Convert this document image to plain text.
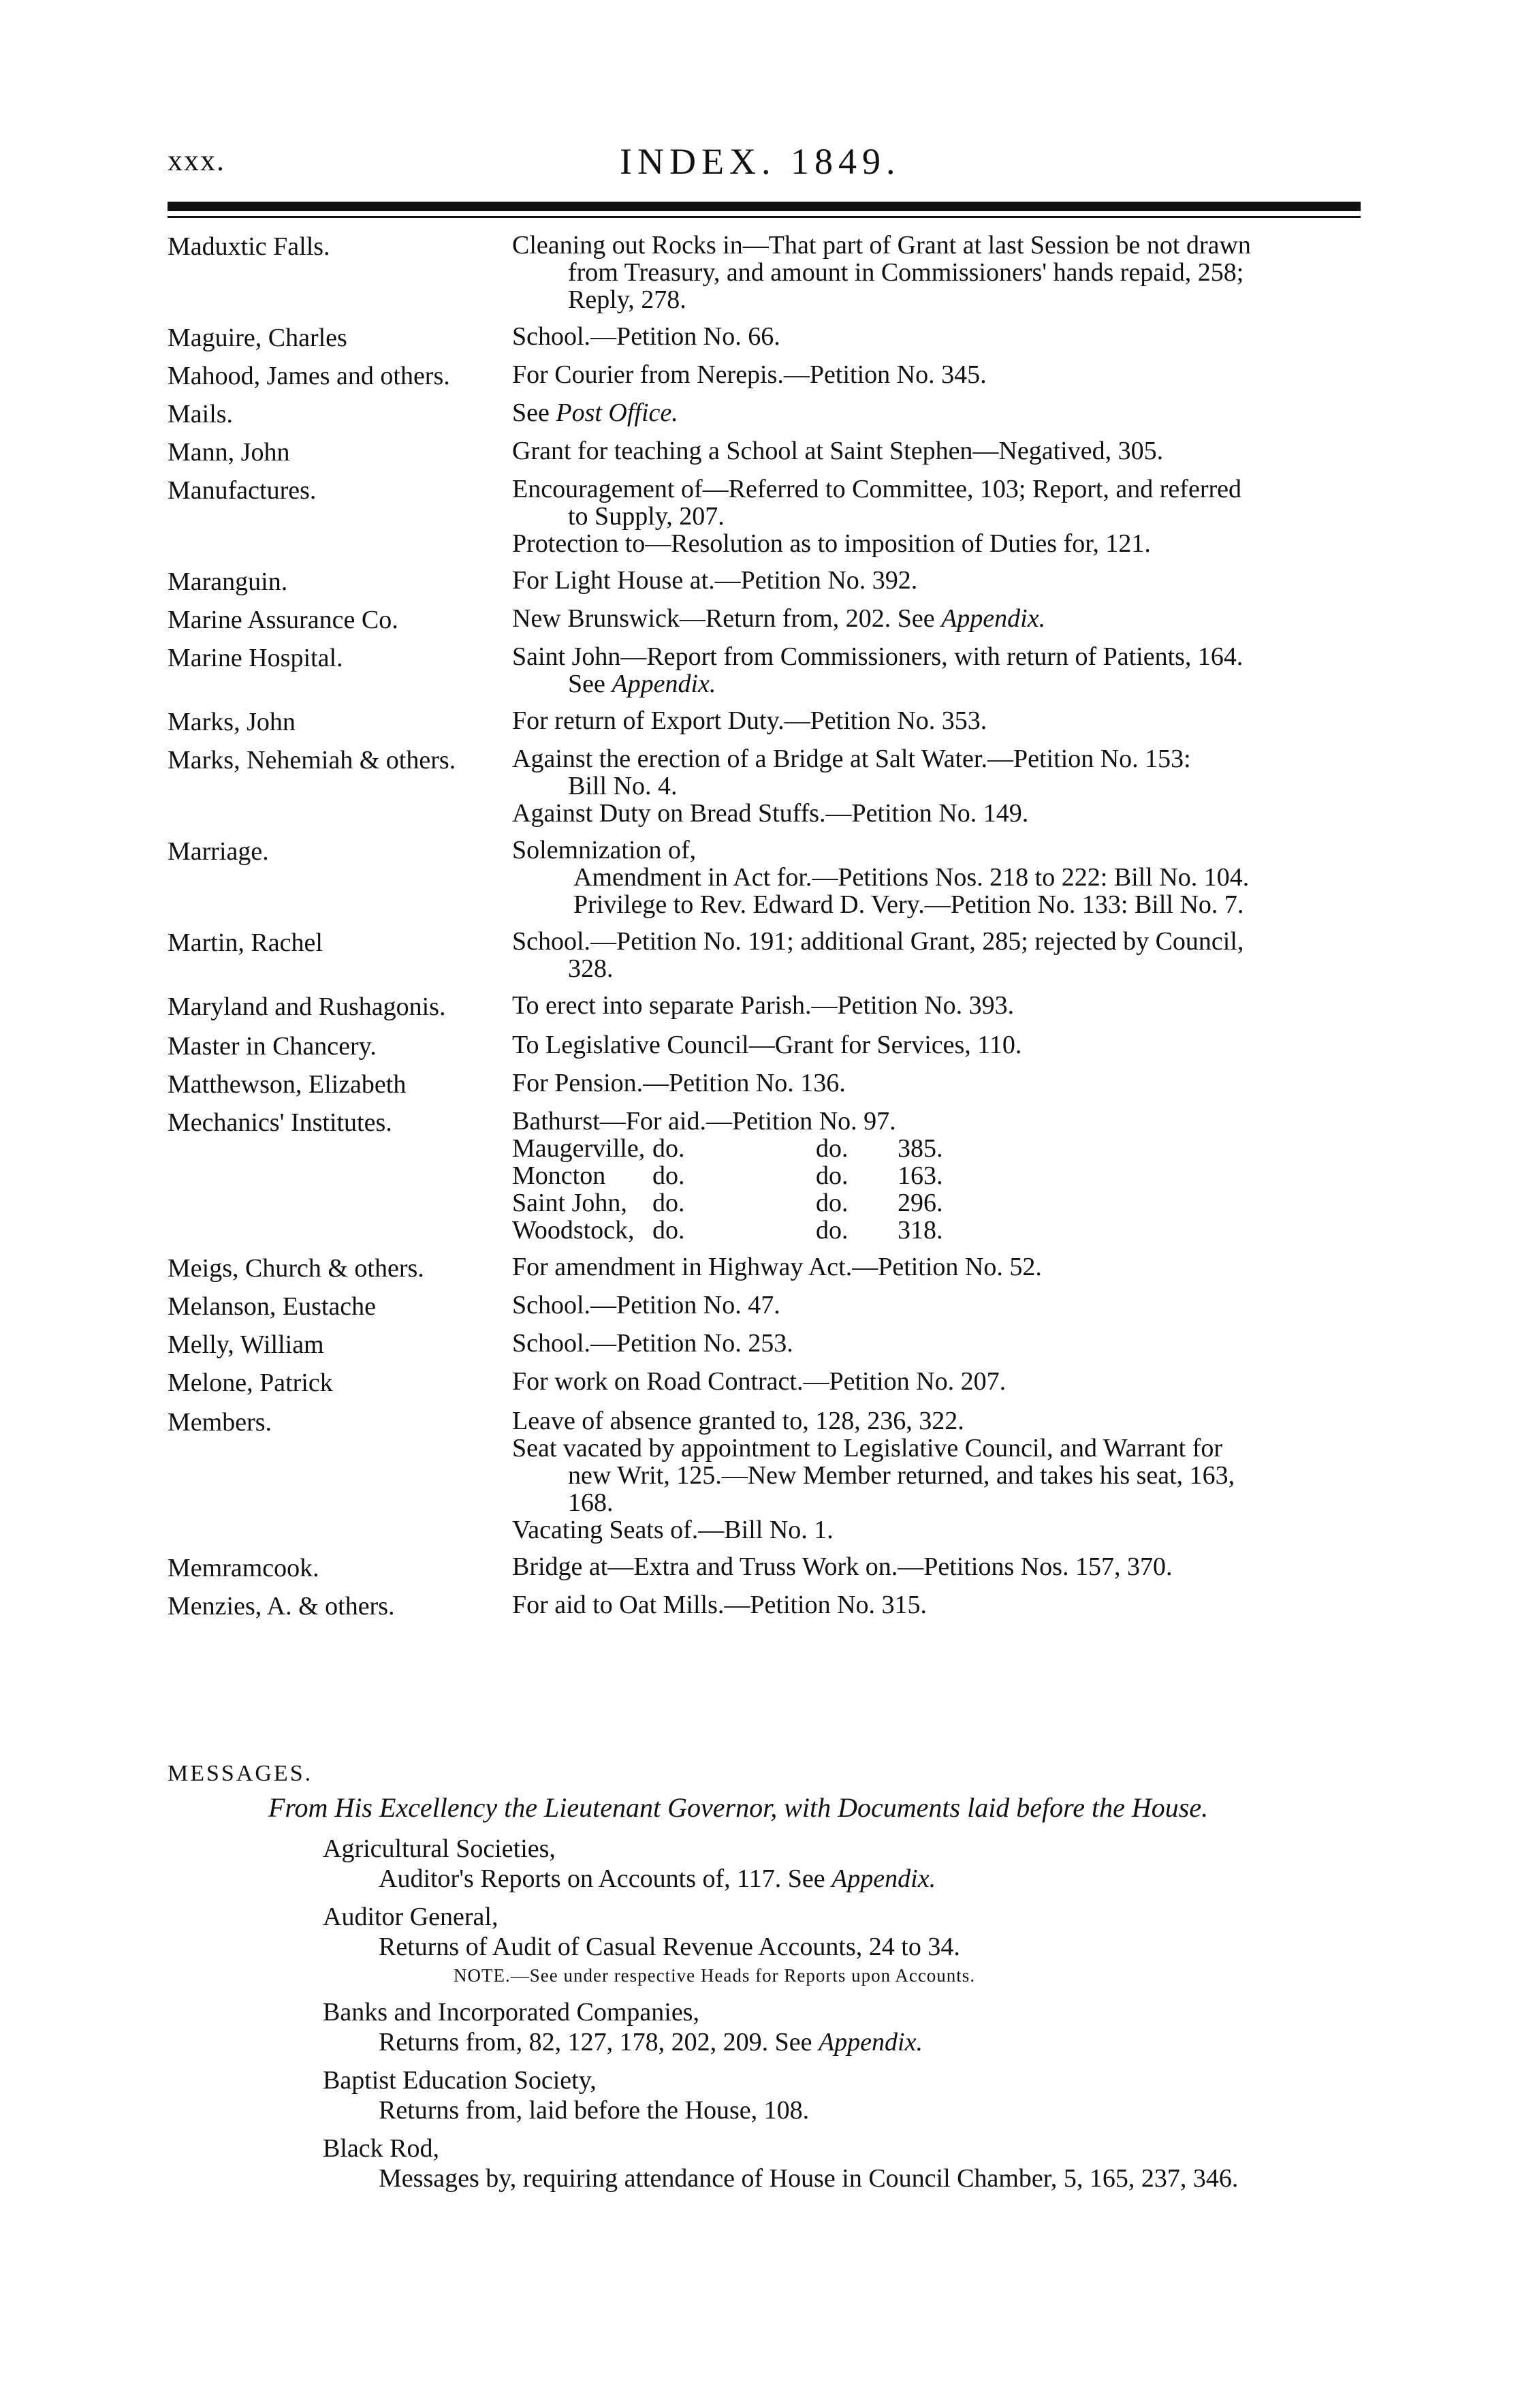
xxx.	INDEX. 1849.
Maduxtic Falls.	Cleaning out Rocks in—That part of Grant at last Session be not drawn
from Treasury, and amount in Commissioners' hands repaid, 258;
Reply, 278.
Maguire, Charles	School.—Petition No. 66.
Mahood, James and others.	For Courier from Nerepis.—Petition No. 345.
Mails.	See Post Office.
Mann, John	Grant for teaching a School at Saint Stephen—Negatived, 305.
Manufactures.	Encouragement of—Referred to Committee, 103; Report, and referred
to Supply, 207.
Protection to—Resolution as to imposition of Duties for, 121.
Maranguin.	For Light House at.—Petition No. 392.
Marine Assurance Co.	New Brunswick—Return from, 202. See Appendix.
Marine Hospital.	Saint John—Report from Commissioners, with return of Patients, 164.
See Appendix.
Marks, John	For return of Export Duty.—Petition No. 353.
Marks, Nehemiah & others.	Against the erection of a Bridge at Salt Water.—Petition No. 153:
Bill No. 4.
Against Duty on Bread Stuffs.—Petition No. 149.
Marriage.	Solemnization of,
Amendment in Act for.—Petitions Nos. 218 to 222: Bill No. 104.
Privilege to Rev. Edward D. Very.—Petition No. 133: Bill No. 7.
Martin, Rachel	School.—Petition No. 191; additional Grant, 285; rejected by Council,
328.
Maryland and Rushagonis.	To erect into separate Parish.—Petition No. 393.
Master in Chancery.	To Legislative Council—Grant for Services, 110.
Matthewson, Elizabeth	For Pension.—Petition No. 136.
Mechanics' Institutes.	Bathurst—For aid.—Petition No. 97.
Maugerville, do.	do.	385.
Moncton	do.	do.	163.
Saint John, do.	do.	296.
Woodstock, do.	do.	318.
Meigs, Church & others.	For amendment in Highway Act.—Petition No. 52.
Melanson, Eustache	School.—Petition No. 47.
Melly, William	School.—Petition No. 253.
Melone, Patrick	For work on Road Contract.—Petition No. 207.
Members.	Leave of absence granted to, 128, 236, 322.
Seat vacated by appointment to Legislative Council, and Warrant for
new Writ, 125.—New Member returned, and takes his seat, 163,
168.
Vacating Seats of.—Bill No. 1.
Memramcook.	Bridge at—Extra and Truss Work on.—Petitions Nos. 157, 370.
Menzies, A. & others.	For aid to Oat Mills.—Petition No. 315.
MESSAGES.
From His Excellency the Lieutenant Governor, with Documents laid before the House.
Agricultural Societies,
Auditor's Reports on Accounts of, 117. See Appendix.
Auditor General,
Returns of Audit of Casual Revenue Accounts, 24 to 34.
NOTE.—See under respective Heads for Reports upon Accounts.
Banks and Incorporated Companies,
Returns from, 82, 127, 178, 202, 209. See Appendix.
Baptist Education Society,
Returns from, laid before the House, 108.
Black Rod,
Messages by, requiring attendance of House in Council Chamber, 5, 165, 237, 346.
